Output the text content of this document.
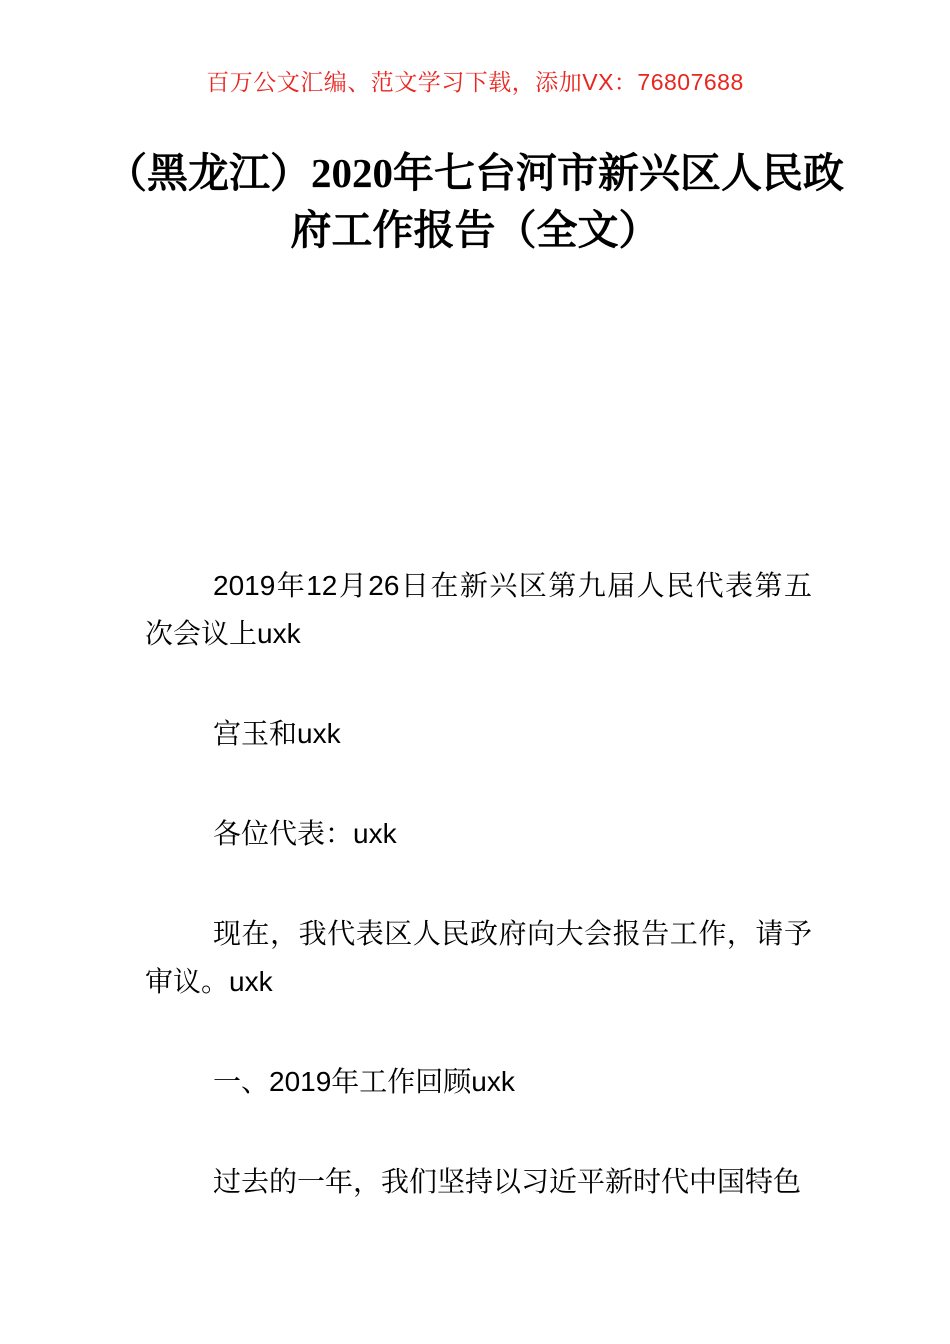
百万公文汇编、范文学习下载，添加VX：76807688
（黑龙江）2020年七台河市新兴区人民政
府工作报告（全文）

2019年12月26日在新兴区第九届人民代表第五次会议上uxk

宫玉和uxk

各位代表：uxk

现在，我代表区人民政府向大会报告工作，请予审议。uxk

一、2019年工作回顾uxk

过去的一年，我们坚持以习近平新时代中国特色
